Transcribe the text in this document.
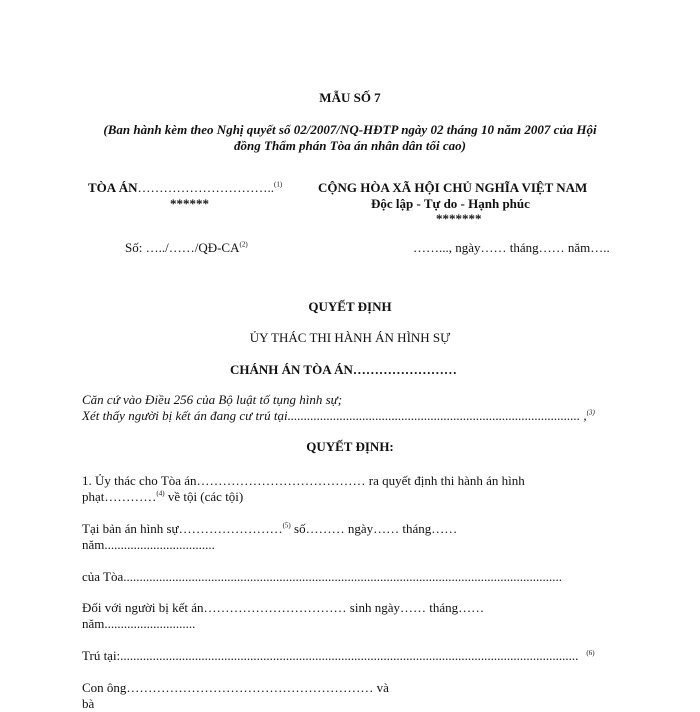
MẪU SỐ 7
(Ban hành kèm theo Nghị quyết số 02/2007/NQ-HĐTP ngày 02 tháng 10 năm 2007 của Hội
đồng Thẩm phán Tòa án nhân dân tối cao)
TÒA ÁN…………………………..$^{(1)}$
******
CỘNG HÒA XÃ HỘI CHỦ NGHĨA VIỆT NAM
Độc lập - Tự do - Hạnh phúc
*******
Số: …../……/QĐ-CA$^{(2)}$	……..., ngày…… tháng…… năm…..
QUYẾT ĐỊNH
ỦY THÁC THI HÀNH ÁN HÌNH SỰ
CHÁNH ÁN TÒA ÁN……………………
Căn cứ vào Điều 256 của Bộ luật tố tụng hình sự;
Xét thấy người bị kết án đang cư trú tại.......................................................................................... ,$^{(3)}$
QUYẾT ĐỊNH:
1. Ủy thác cho Tòa án………………………………… ra quyết định thi hành án hình
phạt…………$^{(4)}$ về tội (các tội)
Tại bản án hình sự……………………$^{(5)}$ số……… ngày…… tháng……
năm..................................
của Tòa.......................................................................................................................................
Đối với người bị kết án…………………………… sinh ngày…… tháng……
năm............................
Trú tại:............................................................................................................................................. $^{(6)}$
Con ông………………………………………………… và
bà
